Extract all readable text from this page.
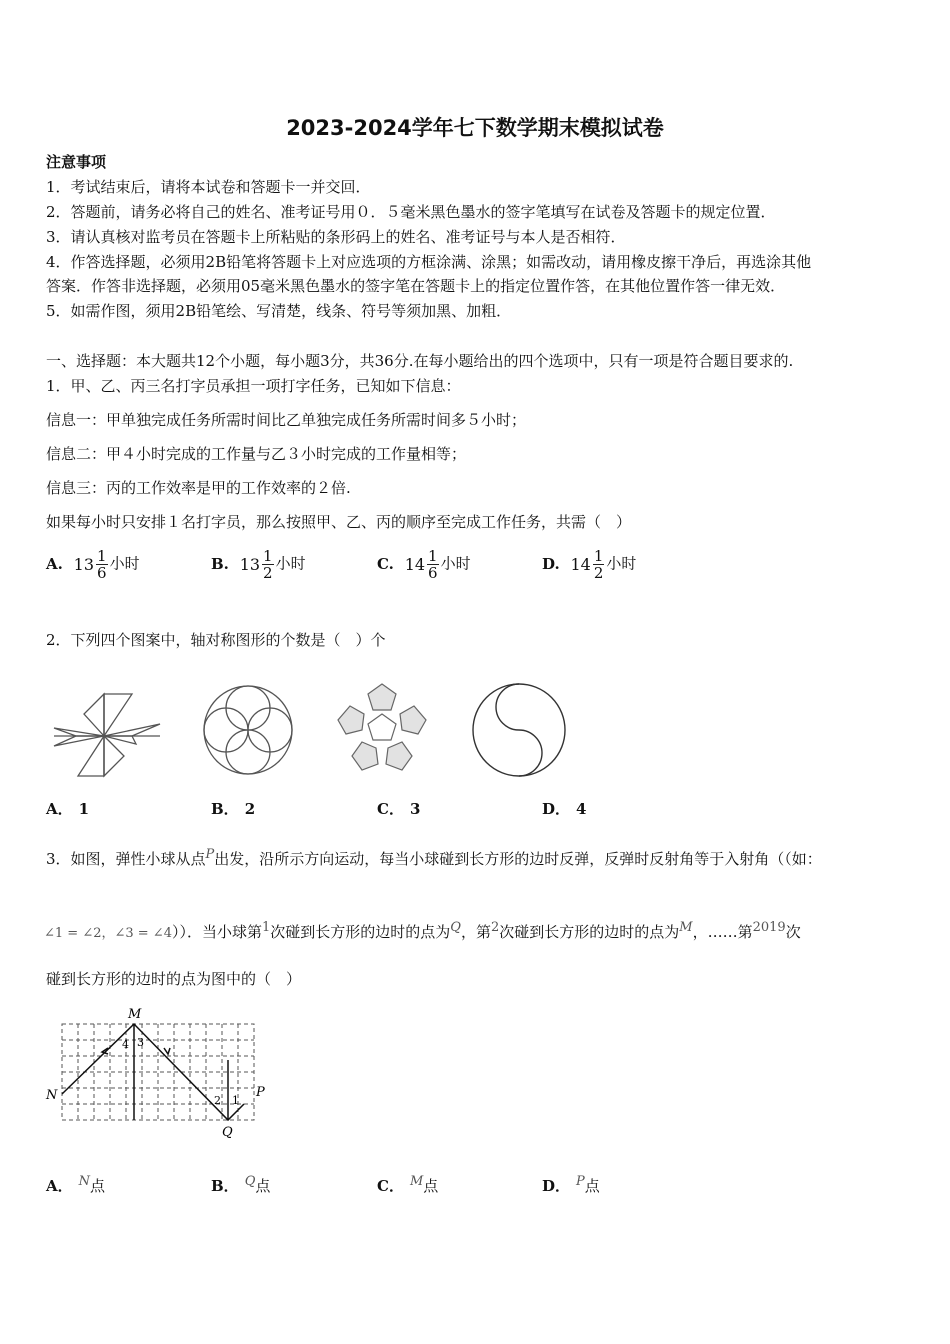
2023-2024学年七下数学期末模拟试卷
注意事项
1．考试结束后，请将本试卷和答题卡一并交回．
2．答题前，请务必将自己的姓名、准考证号用０．５毫米黑色墨水的签字笔填写在试卷及答题卡的规定位置．
3．请认真核对监考员在答题卡上所粘贴的条形码上的姓名、准考证号与本人是否相符．
4．作答选择题，必须用2B铅笔将答题卡上对应选项的方框涂满、涂黑；如需改动，请用橡皮擦干净后，再选涂其他
答案．作答非选择题，必须用05毫米黑色墨水的签字笔在答题卡上的指定位置作答，在其他位置作答一律无效．
5．如需作图，须用2B铅笔绘、写清楚，线条、符号等须加黑、加粗．
一、选择题：本大题共12个小题，每小题3分，共36分.在每小题给出的四个选项中，只有一项是符合题目要求的.
1．甲、乙、丙三名打字员承担一项打字任务，已知如下信息：
信息一：甲单独完成任务所需时间比乙单独完成任务所需时间多５小时；
信息二：甲４小时完成的工作量与乙３小时完成的工作量相等；
信息三：丙的工作效率是甲的工作效率的２倍.
如果每小时只安排１名打字员，那么按照甲、乙、丙的顺序至完成工作任务，共需（　）
A. $13 \frac{1}{6}$ 小时	B. $13 \frac{1}{2}$ 小时	C. $14 \frac{1}{6}$ 小时	D. $14 \frac{1}{2}$ 小时
2．下列四个图案中，轴对称图形的个数是（　）个
A． 1	B． 2	C． 3	D． 4
3．如图，弹性小球从点P出发，沿所示方向运动，每当小球碰到长方形的边时反弹，反弹时反射角等于入射角（（如：
∠1 = ∠2，∠3 = ∠4））．当小球第1次碰到长方形的边时的点为Q，第2次碰到长方形的边时的点为M，……第2019次
碰到长方形的边时的点为图中的（　）
M
N	P
Q
4 3
2 1
A． N点	B． Q点	C． M点	D． P点
